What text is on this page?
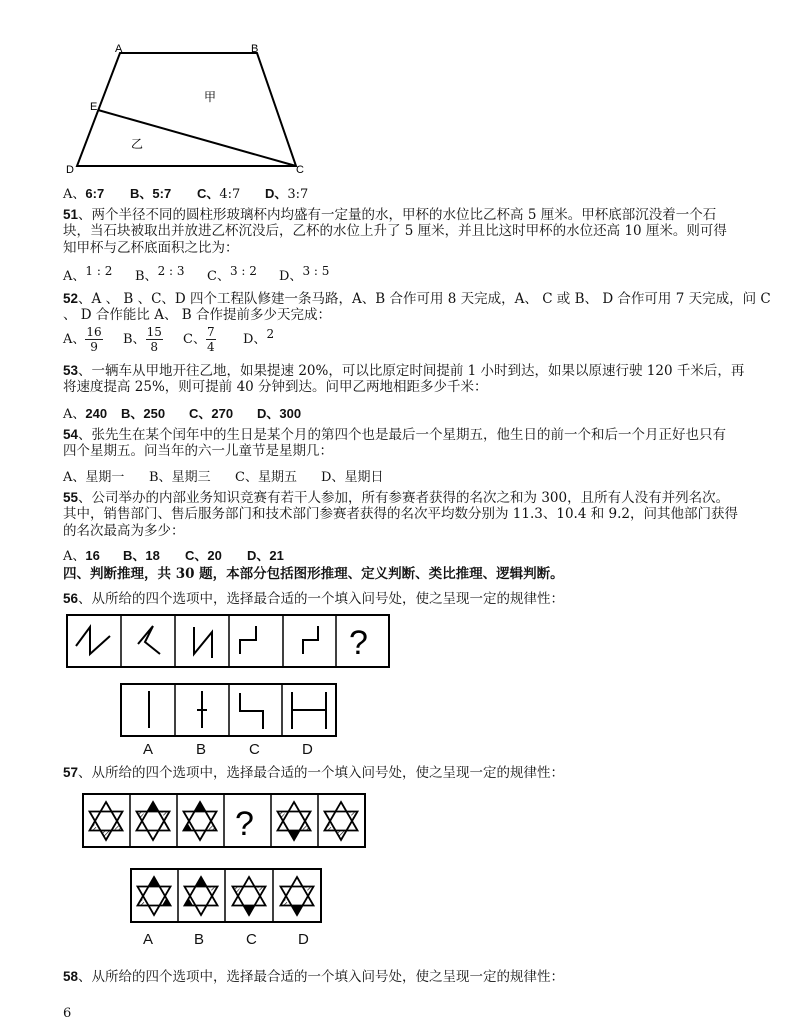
A	B
E
D	C
甲
乙
A、6:7 B、5:7 C、4:7 D、3:7
51、两个半径不同的圆柱形玻璃杯内均盛有一定量的水，甲杯的水位比乙杯高 5 厘米。甲杯底部沉没着一个石
块，当石块被取出并放进乙杯沉没后，乙杯的水位上升了 5 厘米，并且比这时甲杯的水位还高 10 厘米。则可得
知甲杯与乙杯底面积之比为：
A、1 : 2 B、2 : 3 C、3 : 2 D、3 : 5
52、A 、 B 、C、D 四个工程队修建一条马路，A、B 合作可用 8 天完成，A、 C 或 B、 D 合作可用 7 天完成，问 C
、 D 合作能比 A、 B 合作提前多少天完成：
A、 $\frac{16}{9}$ B、 $\frac{15}{8}$ C、 $\frac{7}{4}$ D、2
53、一辆车从甲地开往乙地，如果提速 20%，可以比原定时间提前 1 小时到达，如果以原速行驶 120 千米后，再
将速度提高 25%，则可提前 40 分钟到达。问甲乙两地相距多少千米：
A、240 B、250 C、270 D、300
54、张先生在某个闰年中的生日是某个月的第四个也是最后一个星期五，他生日的前一个和后一个月正好也只有
四个星期五。问当年的六一儿童节是星期几：
A、星期一 B、星期三 C、星期五 D、星期日
55、公司举办的内部业务知识竞赛有若干人参加，所有参赛者获得的名次之和为 300，且所有人没有并列名次。
其中，销售部门、售后服务部门和技术部门参赛者获得的名次平均数分别为 11.3、10.4 和 9.2，问其他部门获得
的名次最高为多少：
A、16 B、18 C、20 D、21
四、判断推理，共 30 题，本部分包括图形推理、定义判断、类比推理、逻辑判断。
56、从所给的四个选项中，选择最合适的一个填入问号处，使之呈现一定的规律性：
?
A	B	C	D
57、从所给的四个选项中，选择最合适的一个填入问号处，使之呈现一定的规律性：
?
A	B	C	D
58、从所给的四个选项中，选择最合适的一个填入问号处，使之呈现一定的规律性：
6
